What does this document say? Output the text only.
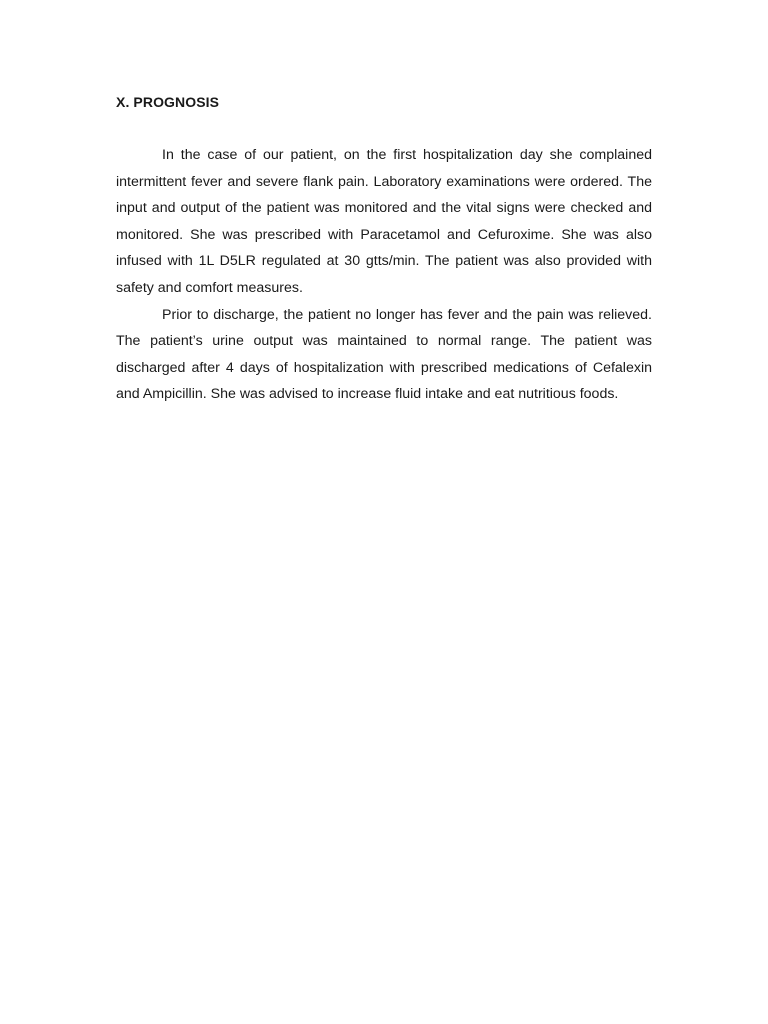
X. PROGNOSIS

In the case of our patient, on the first hospitalization day she complained intermittent fever and severe flank pain. Laboratory examinations were ordered. The input and output of the patient was monitored and the vital signs were checked and monitored. She was prescribed with Paracetamol and Cefuroxime. She was also infused with 1L D5LR regulated at 30 gtts/min. The patient was also provided with safety and comfort measures.

Prior to discharge, the patient no longer has fever and the pain was relieved. The patient’s urine output was maintained to normal range. The patient was discharged after 4 days of hospitalization with prescribed medications of Cefalexin and Ampicillin. She was advised to increase fluid intake and eat nutritious foods.
